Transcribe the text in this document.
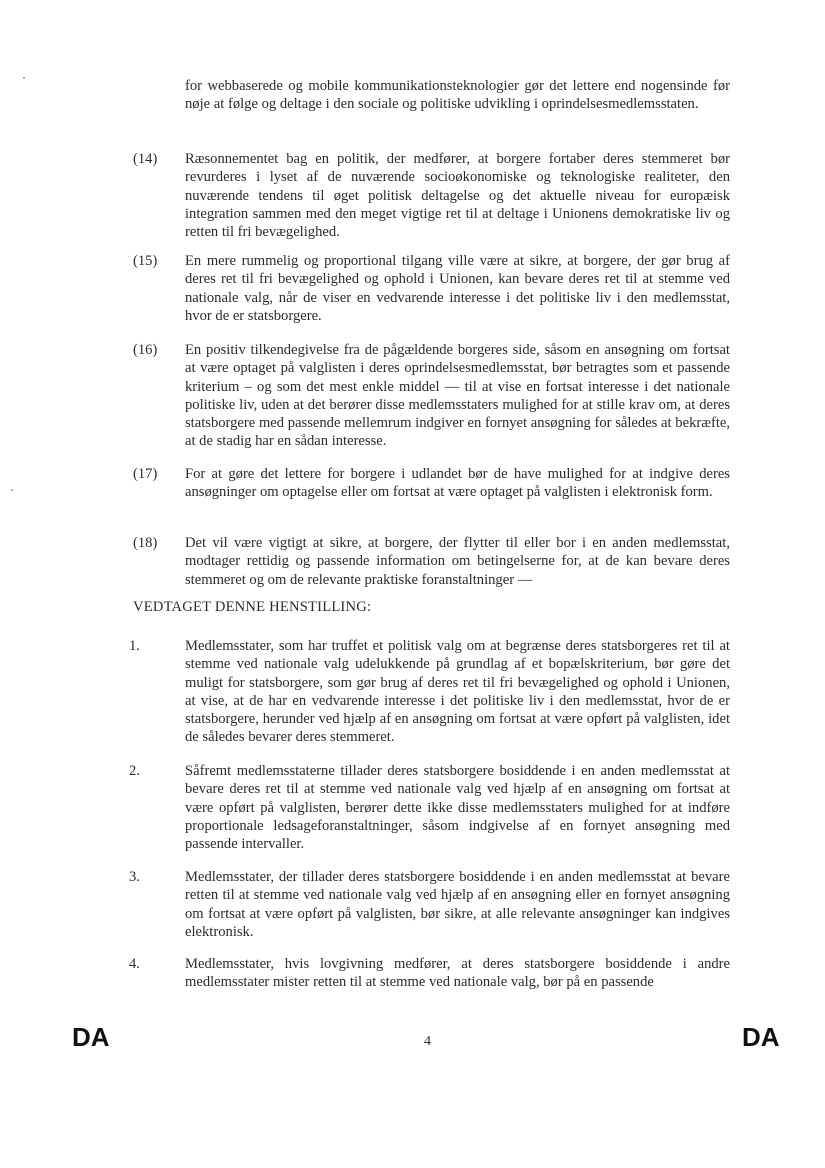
for webbaserede og mobile kommunikationsteknologier gør det lettere end nogensinde før nøje at følge og deltage i den sociale og politiske udvikling i oprindelsesmedlemsstaten.
(14) Ræsonnementet bag en politik, der medfører, at borgere fortaber deres stemmeret bør revurderes i lyset af de nuværende socioøkonomiske og teknologiske realiteter, den nuværende tendens til øget politisk deltagelse og det aktuelle niveau for europæisk integration sammen med den meget vigtige ret til at deltage i Unionens demokratiske liv og retten til fri bevægelighed.
(15) En mere rummelig og proportional tilgang ville være at sikre, at borgere, der gør brug af deres ret til fri bevægelighed og ophold i Unionen, kan bevare deres ret til at stemme ved nationale valg, når de viser en vedvarende interesse i det politiske liv i den medlemsstat, hvor de er statsborgere.
(16) En positiv tilkendegivelse fra de pågældende borgeres side, såsom en ansøgning om fortsat at være optaget på valglisten i deres oprindelsesmedlemsstat, bør betragtes som et passende kriterium – og som det mest enkle middel — til at vise en fortsat interesse i det nationale politiske liv, uden at det berører disse medlemsstaters mulighed for at stille krav om, at deres statsborgere med passende mellemrum indgiver en fornyet ansøgning for således at bekræfte, at de stadig har en sådan interesse.
(17) For at gøre det lettere for borgere i udlandet bør de have mulighed for at indgive deres ansøgninger om optagelse eller om fortsat at være optaget på valglisten i elektronisk form.
(18) Det vil være vigtigt at sikre, at borgere, der flytter til eller bor i en anden medlemsstat, modtager rettidig og passende information om betingelserne for, at de kan bevare deres stemmeret og om de relevante praktiske foranstaltninger —
VEDTAGET DENNE HENSTILLING:
1.	Medlemsstater, som har truffet et politisk valg om at begrænse deres statsborgeres ret til at stemme ved nationale valg udelukkende på grundlag af et bopælskriterium, bør gøre det muligt for statsborgere, som gør brug af deres ret til fri bevægelighed og ophold i Unionen, at vise, at de har en vedvarende interesse i det politiske liv i den medlemsstat, hvor de er statsborgere, herunder ved hjælp af en ansøgning om fortsat at være opført på valglisten, idet de således bevarer deres stemmeret.
2.	Såfremt medlemsstaterne tillader deres statsborgere bosiddende i en anden medlemsstat at bevare deres ret til at stemme ved nationale valg ved hjælp af en ansøgning om fortsat at være opført på valglisten, berører dette ikke disse medlemsstaters mulighed for at indføre proportionale ledsageforanstaltninger, såsom indgivelse af en fornyet ansøgning med passende intervaller.
3.	Medlemsstater, der tillader deres statsborgere bosiddende i en anden medlemsstat at bevare retten til at stemme ved nationale valg ved hjælp af en ansøgning eller en fornyet ansøgning om fortsat at være opført på valglisten, bør sikre, at alle relevante ansøgninger kan indgives elektronisk.
4.	Medlemsstater, hvis lovgivning medfører, at deres statsborgere bosiddende i andre medlemsstater mister retten til at stemme ved nationale valg, bør på en passende
DA	4	DA
